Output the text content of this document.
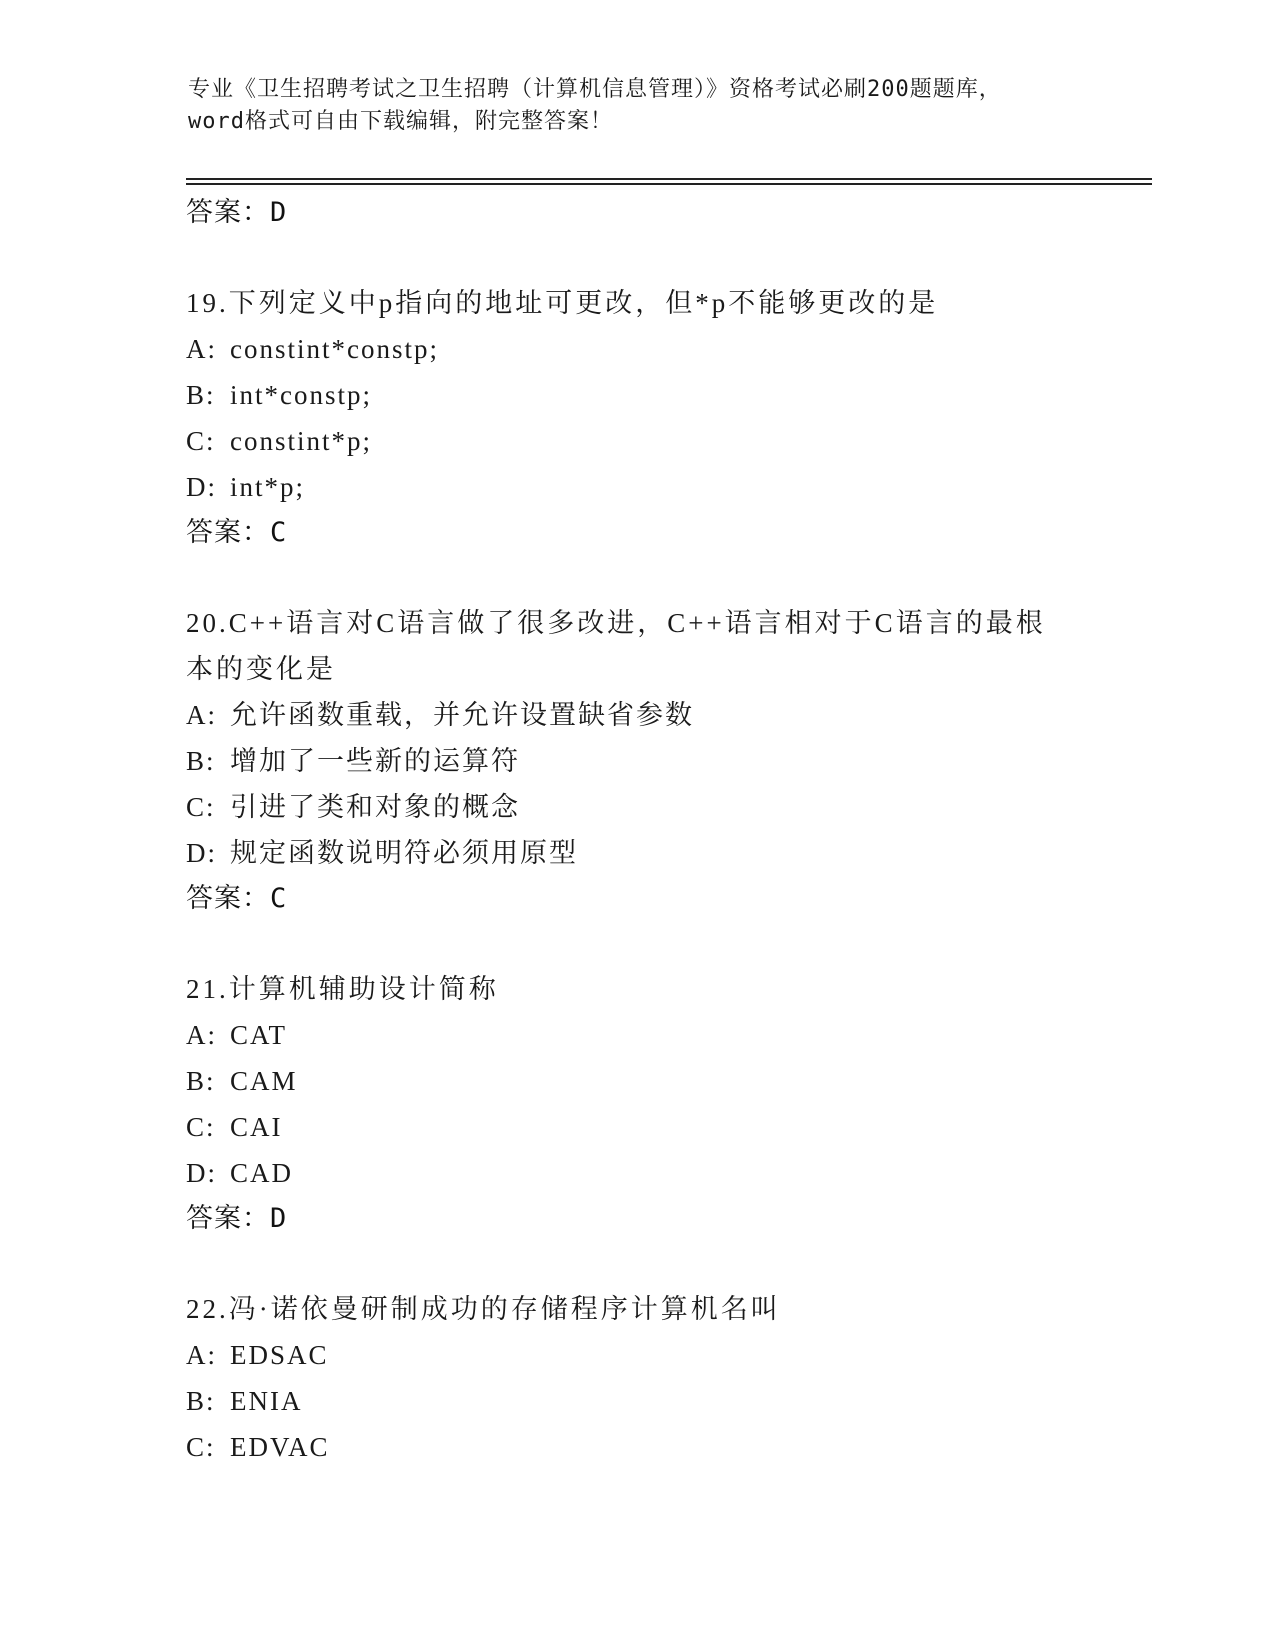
专业《卫生招聘考试之卫生招聘（计算机信息管理）》资格考试必刷200题题库，
word格式可自由下载编辑，附完整答案！
答案：D
19.下列定义中p指向的地址可更改，但*p不能够更改的是
A: constint*constp;
B: int*constp;
C: constint*p;
D: int*p;
答案：C
20.C++语言对C语言做了很多改进，C++语言相对于C语言的最根本的变化是
A: 允许函数重载，并允许设置缺省参数
B: 增加了一些新的运算符
C: 引进了类和对象的概念
D: 规定函数说明符必须用原型
答案：C
21.计算机辅助设计简称
A: CAT
B: CAM
C: CAI
D: CAD
答案：D
22.冯·诺依曼研制成功的存储程序计算机名叫
A: EDSAC
B: ENIA
C: EDVAC
